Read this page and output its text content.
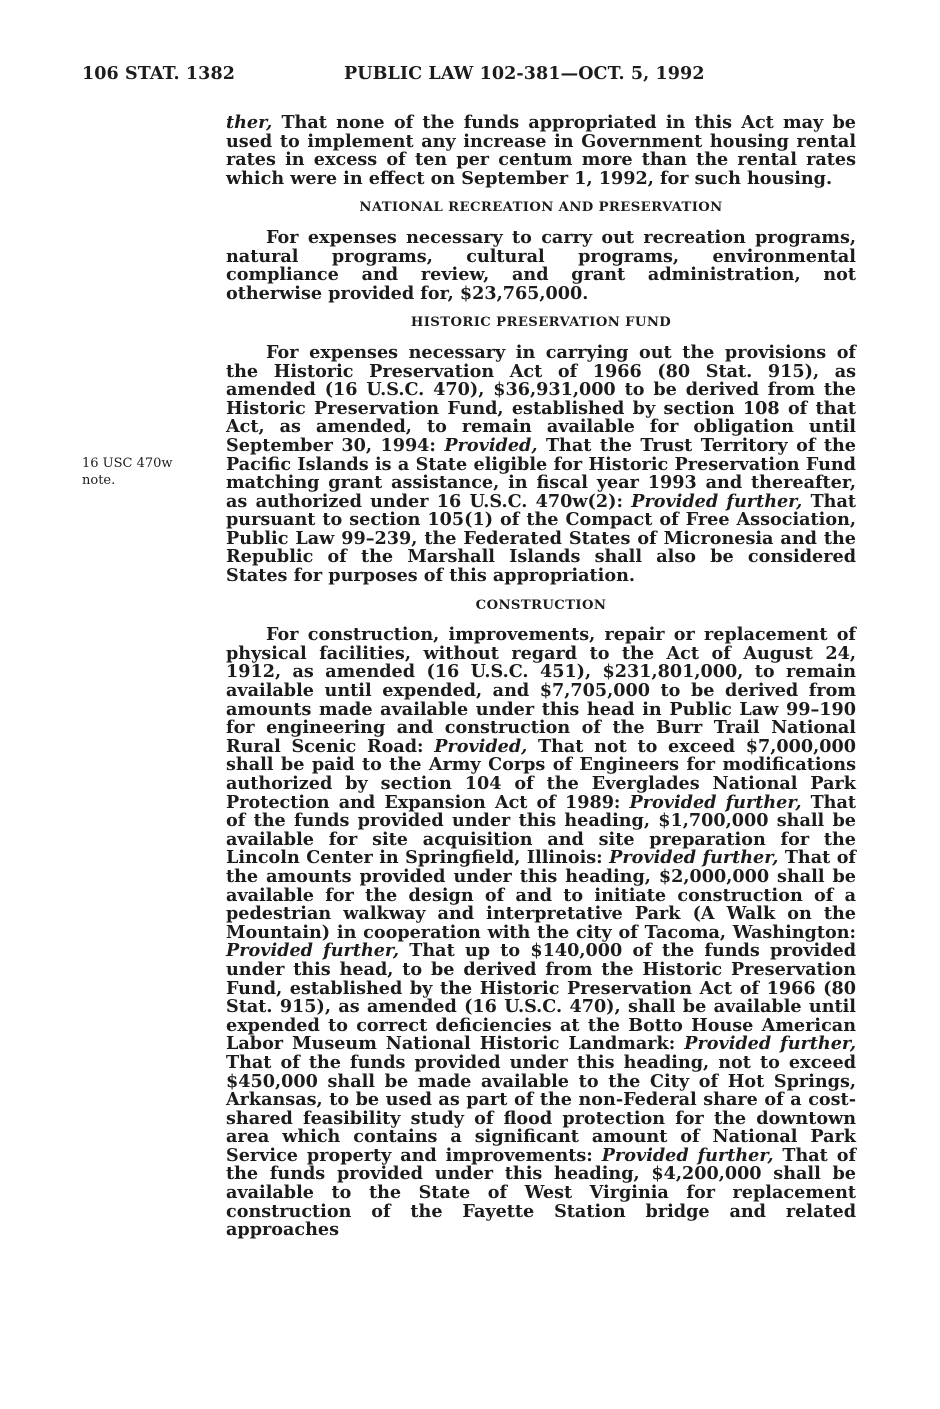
106 STAT. 1382	PUBLIC LAW 102-381—OCT. 5, 1992
16 USC 470w note.

ther, That none of the funds appropriated in this Act may be used to implement any increase in Government housing rental rates in excess of ten per centum more than the rental rates which were in effect on September 1, 1992, for such housing.

NATIONAL RECREATION AND PRESERVATION

For expenses necessary to carry out recreation programs, natural programs, cultural programs, environmental compliance and review, and grant administration, not otherwise provided for, $23,765,000.

HISTORIC PRESERVATION FUND

For expenses necessary in carrying out the provisions of the Historic Preservation Act of 1966 (80 Stat. 915), as amended (16 U.S.C. 470), $36,931,000 to be derived from the Historic Preservation Fund, established by section 108 of that Act, as amended, to remain available for obligation until September 30, 1994: Provided, That the Trust Territory of the Pacific Islands is a State eligible for Historic Preservation Fund matching grant assistance, in fiscal year 1993 and thereafter, as authorized under 16 U.S.C. 470w(2): Provided further, That pursuant to section 105(1) of the Compact of Free Association, Public Law 99–239, the Federated States of Micronesia and the Republic of the Marshall Islands shall also be considered States for purposes of this appropriation.

CONSTRUCTION

For construction, improvements, repair or replacement of physical facilities, without regard to the Act of August 24, 1912, as amended (16 U.S.C. 451), $231,801,000, to remain available until expended, and $7,705,000 to be derived from amounts made available under this head in Public Law 99–190 for engineering and construction of the Burr Trail National Rural Scenic Road: Provided, That not to exceed $7,000,000 shall be paid to the Army Corps of Engineers for modifications authorized by section 104 of the Everglades National Park Protection and Expansion Act of 1989: Provided further, That of the funds provided under this heading, $1,700,000 shall be available for site acquisition and site preparation for the Lincoln Center in Springfield, Illinois: Provided further, That of the amounts provided under this heading, $2,000,000 shall be available for the design of and to initiate construction of a pedestrian walkway and interpretative Park (A Walk on the Mountain) in cooperation with the city of Tacoma, Washington: Provided further, That up to $140,000 of the funds provided under this head, to be derived from the Historic Preservation Fund, established by the Historic Preservation Act of 1966 (80 Stat. 915), as amended (16 U.S.C. 470), shall be available until expended to correct deficiencies at the Botto House American Labor Museum National Historic Landmark: Provided further, That of the funds provided under this heading, not to exceed $450,000 shall be made available to the City of Hot Springs, Arkansas, to be used as part of the non-Federal share of a cost-shared feasibility study of flood protection for the downtown area which contains a significant amount of National Park Service property and improvements: Provided further, That of the funds provided under this heading, $4,200,000 shall be available to the State of West Virginia for replacement construction of the Fayette Station bridge and related approaches
